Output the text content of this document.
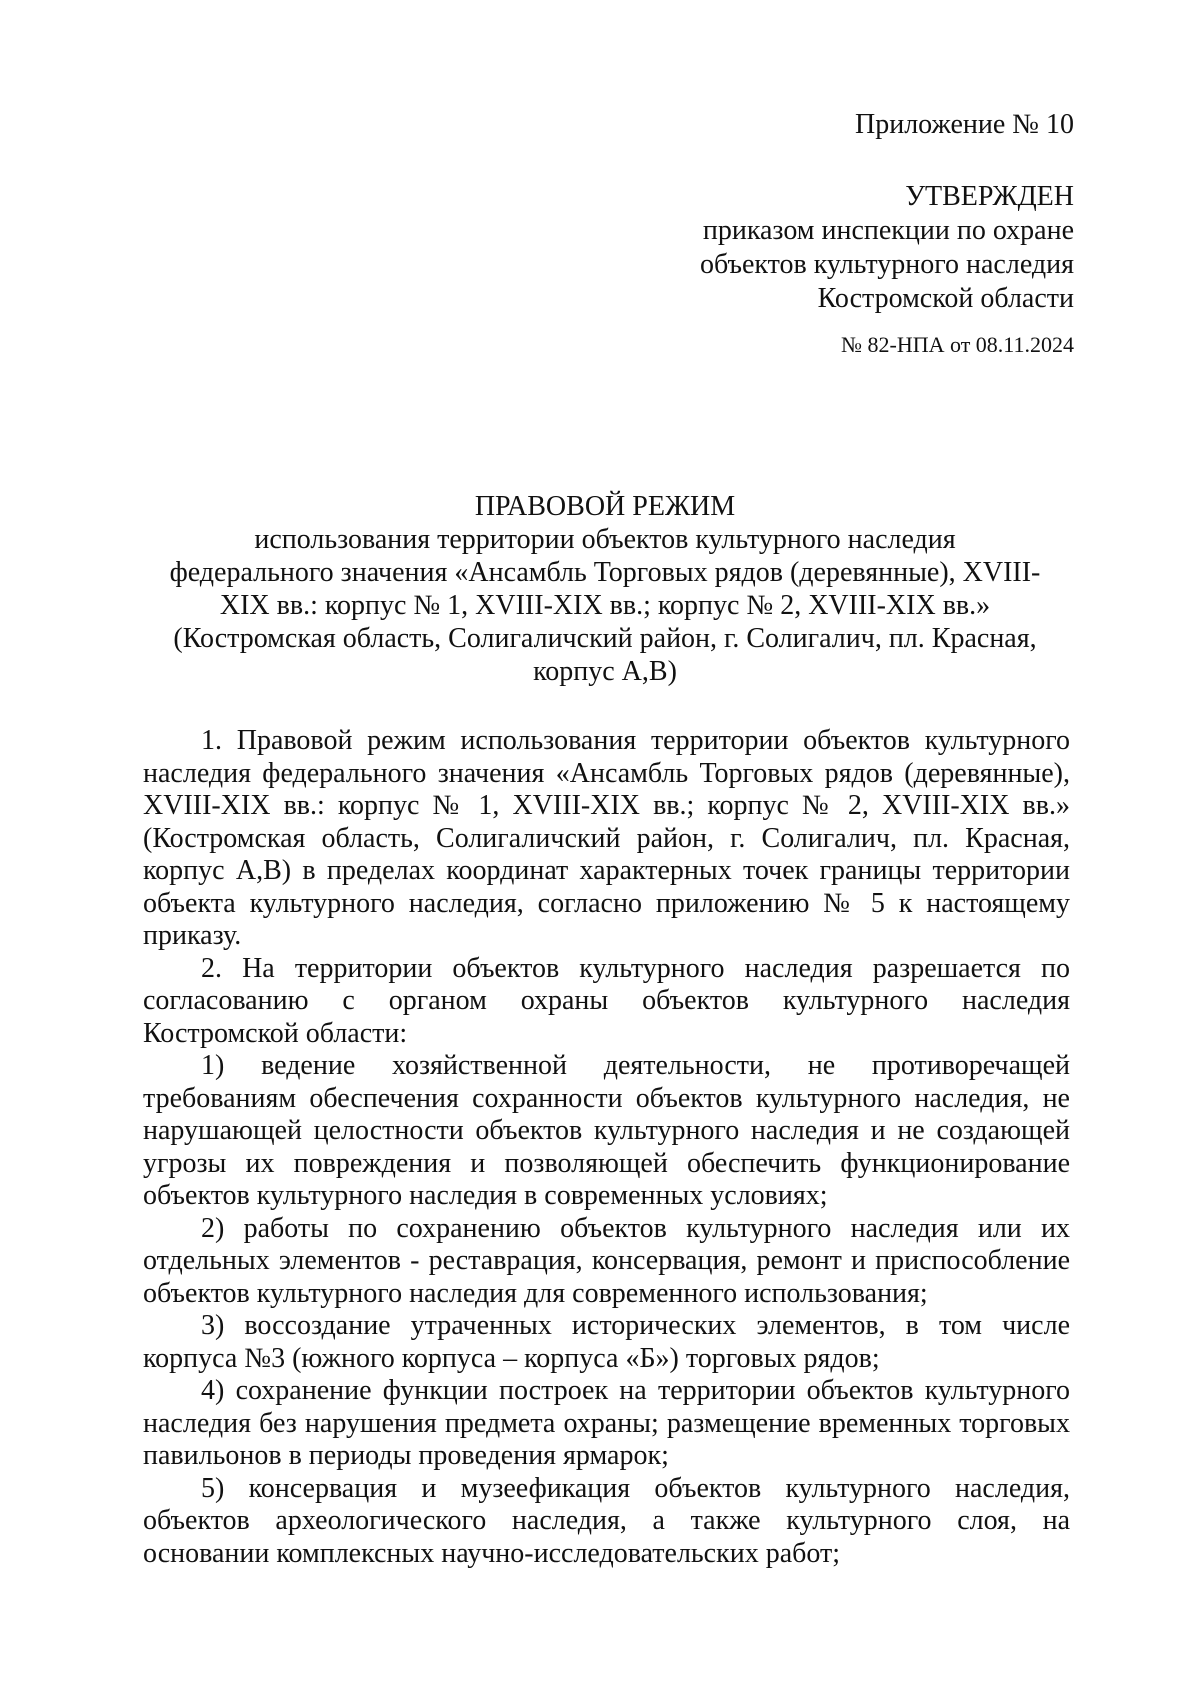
Приложение № 10
УТВЕРЖДЕН
приказом инспекции по охране
объектов культурного наследия
Костромской области
№ 82-НПА от 08.11.2024
ПРАВОВОЙ РЕЖИМ
использования территории объектов культурного наследия
федерального значения «Ансамбль Торговых рядов (деревянные), XVIII-
XIX вв.: корпус № 1, XVIII-XIX вв.; корпус № 2, XVIII-XIX вв.»
(Костромская область, Солигаличский район, г. Солигалич, пл. Красная,
корпус А,В)

1. Правовой режим использования территории объектов культурного наследия федерального значения «Ансамбль Торговых рядов (деревянные), XVIII-XIX вв.: корпус № 1, XVIII-XIX вв.; корпус № 2, XVIII-XIX вв.» (Костромская область, Солигаличский район, г. Солигалич, пл. Красная, корпус А,В) в пределах координат характерных точек границы территории объекта культурного наследия, согласно приложению № 5 к настоящему приказу.

2. На территории объектов культурного наследия разрешается по согласованию с органом охраны объектов культурного наследия Костромской области:

1) ведение хозяйственной деятельности, не противоречащей требованиям обеспечения сохранности объектов культурного наследия, не нарушающей целостности объектов культурного наследия и не создающей угрозы их повреждения и позволяющей обеспечить функционирование объектов культурного наследия в современных условиях;

2) работы по сохранению объектов культурного наследия или их отдельных элементов - реставрация, консервация, ремонт и приспособление объектов культурного наследия для современного использования;

3) воссоздание утраченных исторических элементов, в том числе корпуса №3 (южного корпуса – корпуса «Б») торговых рядов;

4) сохранение функции построек на территории объектов культурного наследия без нарушения предмета охраны; размещение временных торговых павильонов в периоды проведения ярмарок;

5) консервация и музеефикация объектов культурного наследия, объектов археологического наследия, а также культурного слоя, на основании комплексных научно-исследовательских работ;
